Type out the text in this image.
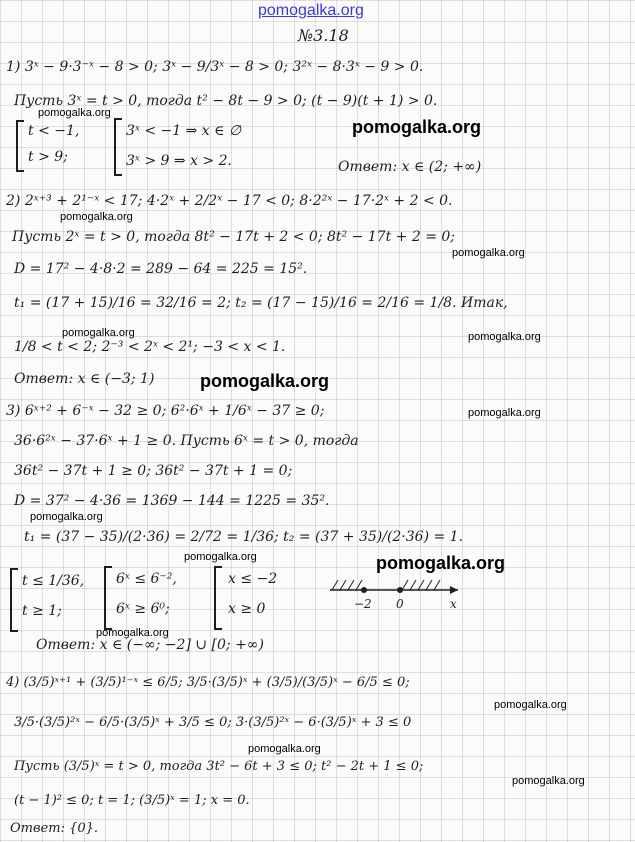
pomogalka.org
№3.18
1) 3ˣ − 9·3⁻ˣ − 8 > 0; 3ˣ − 9/3ˣ − 8 > 0; 3²ˣ − 8·3ˣ − 9 > 0.
Пусть 3ˣ = t > 0, тогда t² − 8t − 9 > 0; (t − 9)(t + 1) > 0.
pomogalka.org
pomogalka.org
t < −1,
t > 9;
3ˣ < −1 ⇒ x ∈ ∅
3ˣ > 9 ⇒ x > 2.	Ответ: x ∈ (2; +∞)
2) 2ˣ⁺³ + 2¹⁻ˣ < 17; 4·2ˣ + 2/2ˣ − 17 < 0; 8·2²ˣ − 17·2ˣ + 2 < 0.
pomogalka.org
Пусть 2ˣ = t > 0, тогда 8t² − 17t + 2 < 0; 8t² − 17t + 2 = 0;
pomogalka.org
D = 17² − 4·8·2 = 289 − 64 = 225 = 15².
t₁ = (17 + 15)/16 = 32/16 = 2; t₂ = (17 − 15)/16 = 2/16 = 1/8. Итак,
pomogalka.org	pomogalka.org
1/8 < t < 2; 2⁻³ < 2ˣ < 2¹; −3 < x < 1.
Ответ: x ∈ (−3; 1)	pomogalka.org
3) 6ˣ⁺² + 6⁻ˣ − 32 ≥ 0; 6²·6ˣ + 1/6ˣ − 37 ≥ 0;	pomogalka.org
36·6²ˣ − 37·6ˣ + 1 ≥ 0. Пусть 6ˣ = t > 0, тогда
36t² − 37t + 1 ≥ 0; 36t² − 37t + 1 = 0;
D = 37² − 4·36 = 1369 − 144 = 1225 = 35².
pomogalka.org
t₁ = (37 − 35)/(2·36) = 2/72 = 1/36; t₂ = (37 + 35)/(2·36) = 1.
pomogalka.org	pomogalka.org
t ≤ 1/36,
t ≥ 1;
6ˣ ≤ 6⁻²,
6ˣ ≥ 6⁰;
x ≤ −2
x ≥ 0	−2 0	x
pomogalka.org
Ответ: x ∈ (−∞; −2] ∪ [0; +∞)
4) (3/5)ˣ⁺¹ + (3/5)¹⁻ˣ ≤ 6/5; 3/5·(3/5)ˣ + (3/5)/(3/5)ˣ − 6/5 ≤ 0;
pomogalka.org
3/5·(3/5)²ˣ − 6/5·(3/5)ˣ + 3/5 ≤ 0; 3·(3/5)²ˣ − 6·(3/5)ˣ + 3 ≤ 0
pomogalka.org
Пусть (3/5)ˣ = t > 0, тогда 3t² − 6t + 3 ≤ 0; t² − 2t + 1 ≤ 0;
pomogalka.org
(t − 1)² ≤ 0; t = 1; (3/5)ˣ = 1; x = 0.
Ответ: {0}.
